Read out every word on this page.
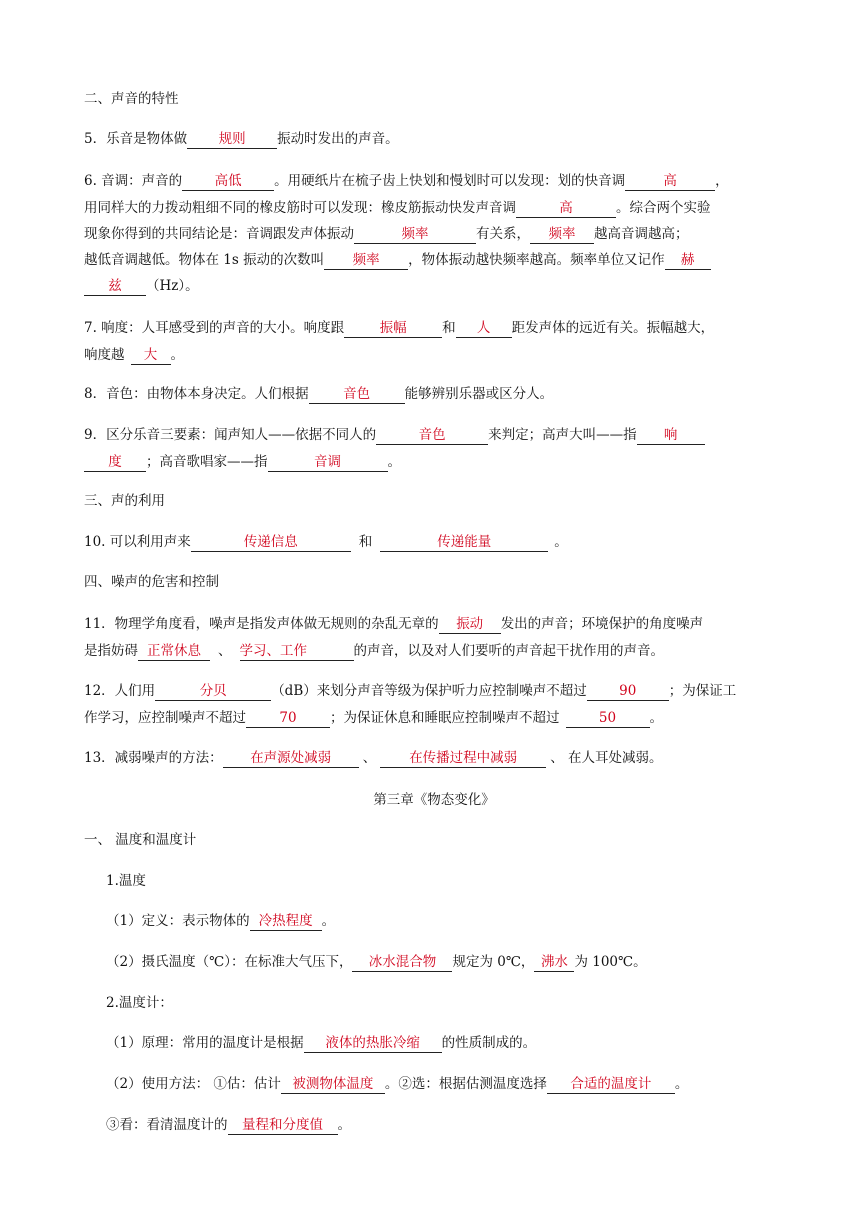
二、声音的特性
5．乐音是物体做 规则 振动时发出的声音。
6. 音调：声音的 高低 。用硬纸片在梳子齿上快划和慢划时可以发现：划的快音调	高	，
用同样大的力拨动粗细不同的橡皮筋时可以发现：橡皮筋振动快发声音调	高	。综合两个实验
现象你得到的共同结论是：音调跟发声体振动	频率	有关系， 频率 越高音调越高；
越低音调越低。物体在 1s 振动的次数叫 频率 ，物体振动越快频率越高。频率单位又记作 赫
兹 （Hz）。
7. 响度：人耳感受到的声音的大小。响度跟	振幅	和 人 距发声体的远近有关。振幅越大，
响度越 大 。
8．音色：由物体本身决定。人们根据	音色	能够辨别乐器或区分人。
9．区分乐音三要素：闻声知人——依据不同人的	音色	来判定；高声大叫——指 响
度 ；高音歌唱家——指	音调	。
三、声的利用
10. 可以利用声来	传递信息	和	传递能量	。
四、噪声的危害和控制
11．物理学角度看，噪声是指发声体做无规则的杂乱无章的 振动 发出的声音；环境保护的角度噪声
是指妨碍 正常休息 、 学习、工作	的声音，以及对人们要听的声音起干扰作用的声音。
12．人们用	分贝	（dB）来划分声音等级为保护听力应控制噪声不超过 90 ；为保证工
作学习，应控制噪声不超过 70 ；为保证休息和睡眠应控制噪声不超过	50 。
13．减弱噪声的方法： 在声源处减弱 、 在传播过程中减弱 、 在人耳处减弱。
第三章《物态变化》
一、 温度和温度计
1.温度
（1）定义：表示物体的 冷热程度 。
（2）摄氏温度（℃）：在标准大气压下， 冰水混合物 规定为 0℃， 沸水 为 100℃。
2.温度计：
（1）原理：常用的温度计是根据 液体的热胀冷缩 的性质制成的。
（2）使用方法： ①估：估计 被测物体温度 。②选：根据估测温度选择 合适的温度计 。
③看：看清温度计的 量程和分度值 。
